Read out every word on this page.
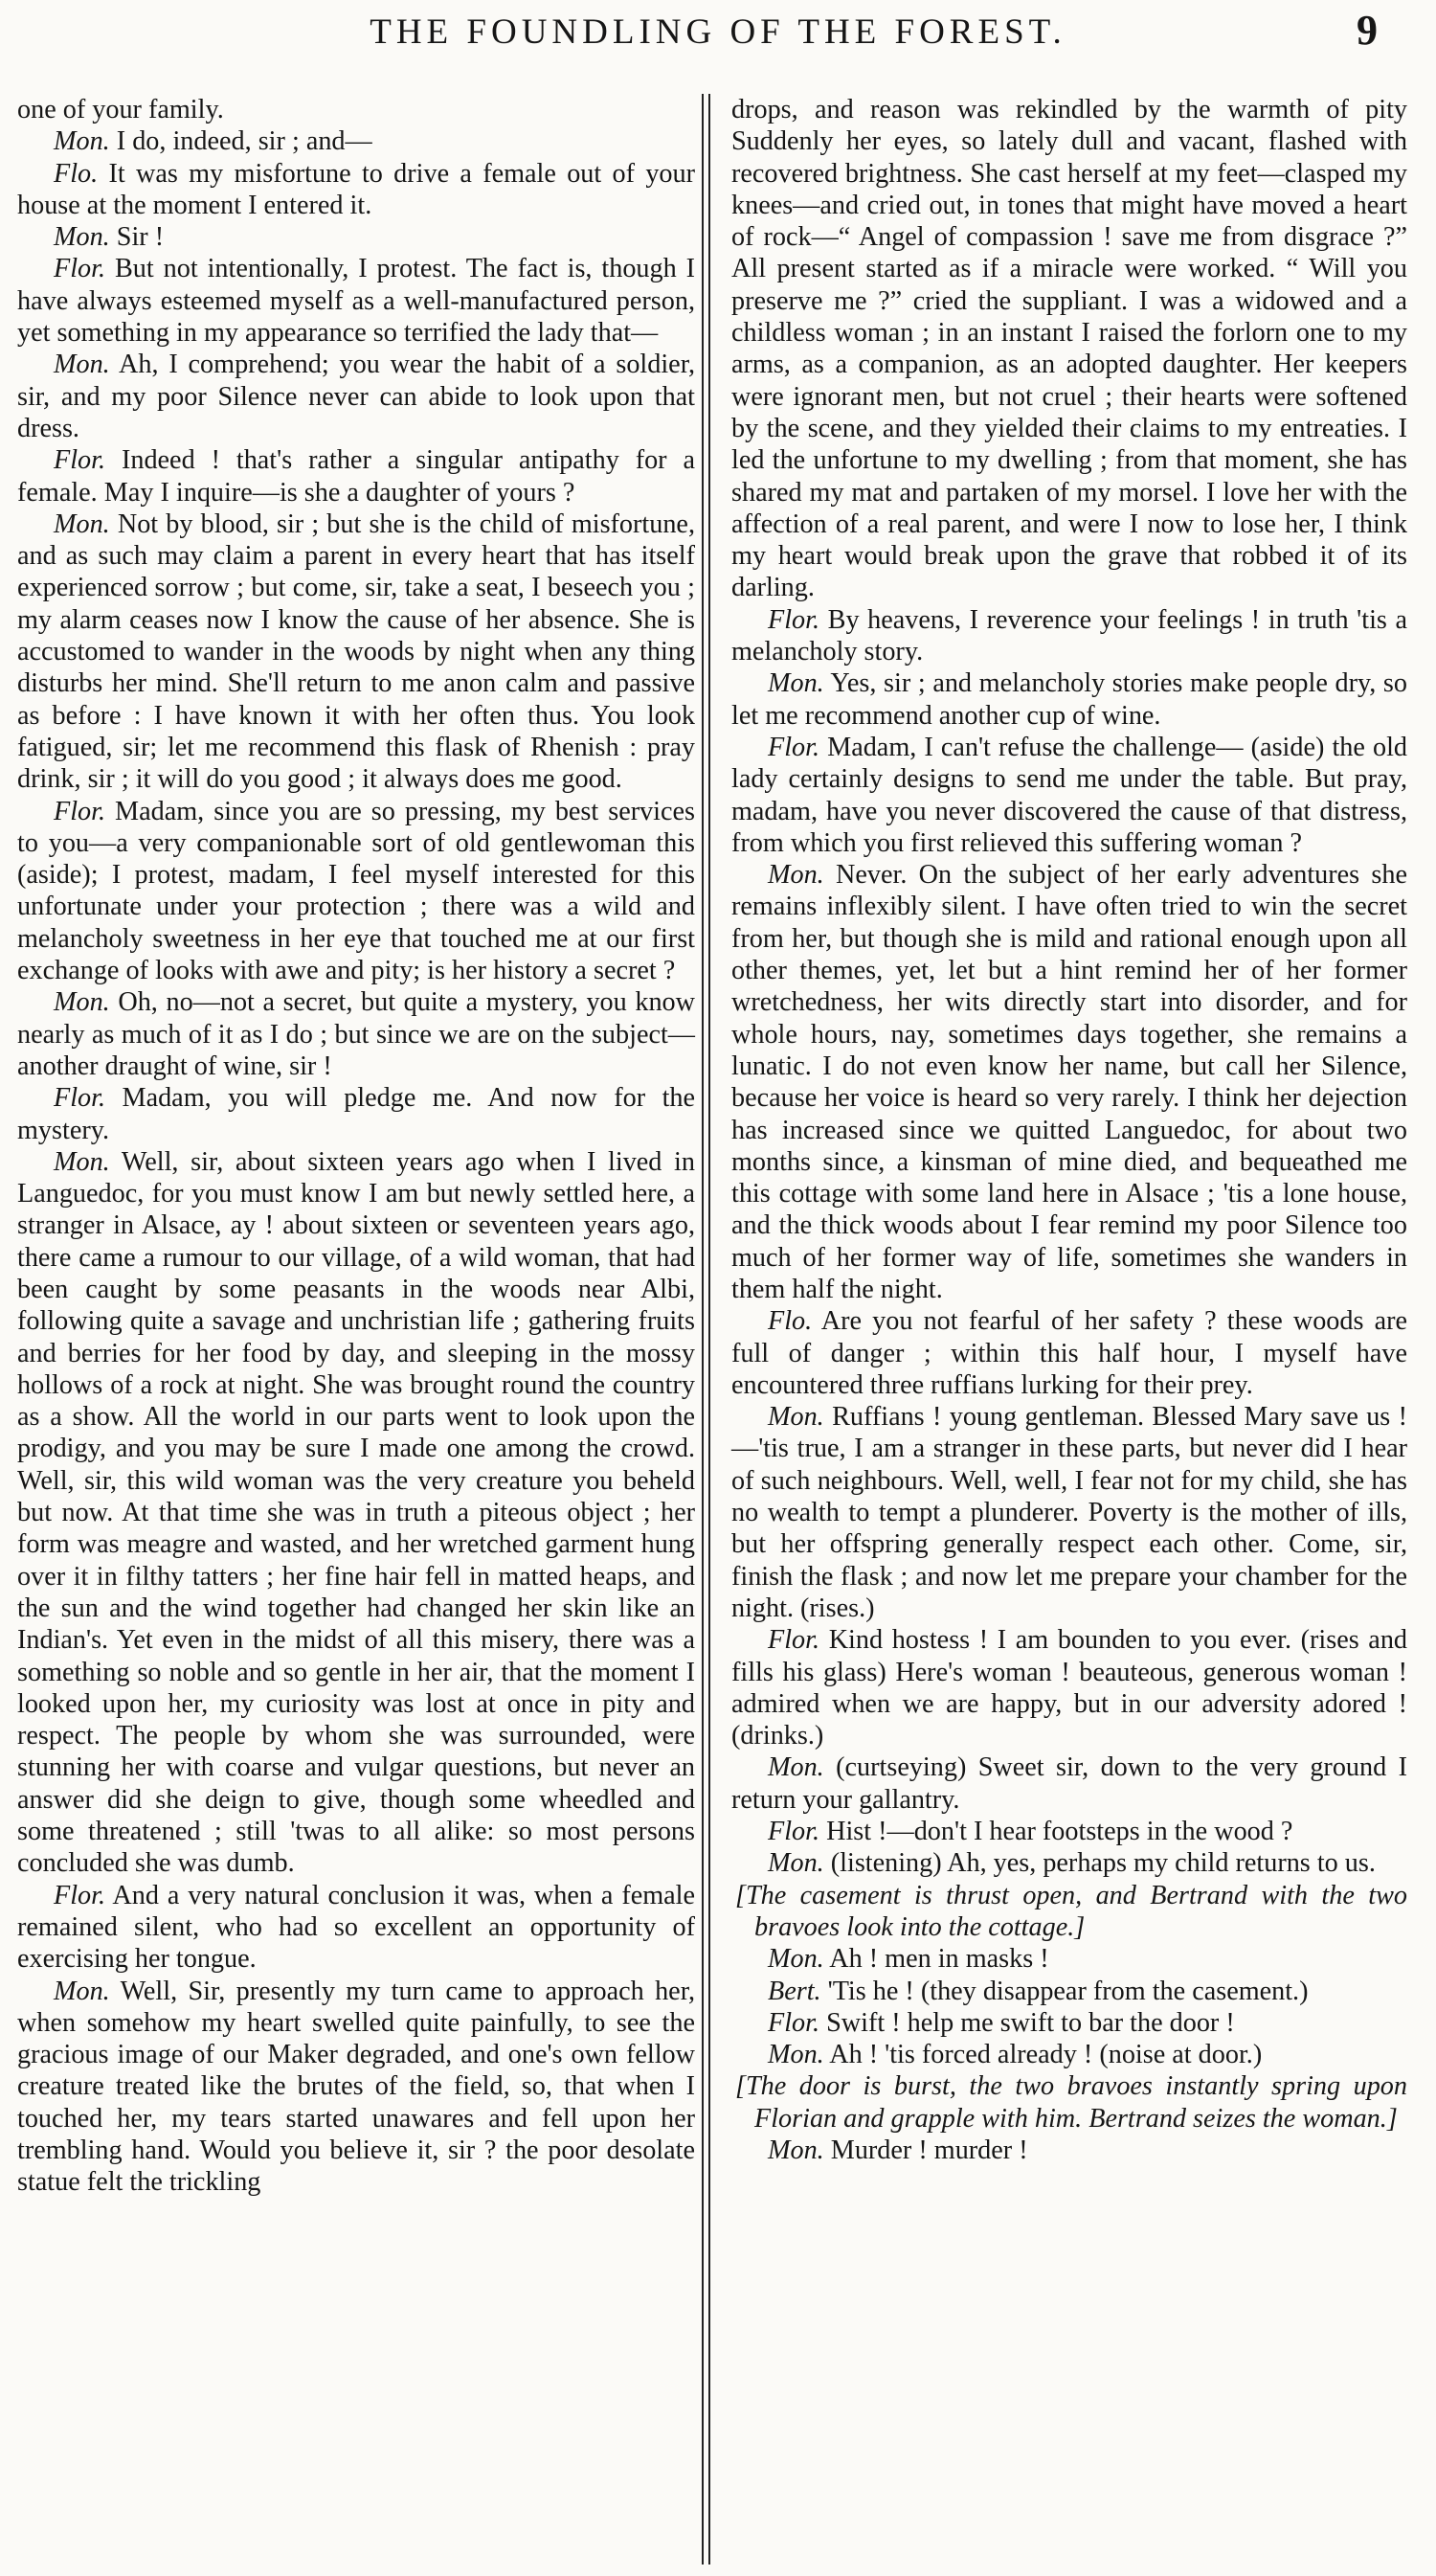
THE FOUNDLING OF THE FOREST.	9

one of your family.

Mon. I do, indeed, sir ; and—

Flo. It was my misfortune to drive a female out of your house at the moment I entered it.

Mon. Sir !

Flor. But not intentionally, I protest. The fact is, though I have always esteemed myself as a well-manufactured person, yet something in my appearance so terrified the lady that—

Mon. Ah, I comprehend; you wear the habit of a soldier, sir, and my poor Silence never can abide to look upon that dress.

Flor. Indeed ! that's rather a singular antipathy for a female. May I inquire—is she a daughter of yours ?

Mon. Not by blood, sir ; but she is the child of misfortune, and as such may claim a parent in every heart that has itself experienced sorrow ; but come, sir, take a seat, I beseech you ; my alarm ceases now I know the cause of her absence. She is accustomed to wander in the woods by night when any thing disturbs her mind. She'll return to me anon calm and passive as before : I have known it with her often thus. You look fatigued, sir; let me recommend this flask of Rhenish : pray drink, sir ; it will do you good ; it always does me good.

Flor. Madam, since you are so pressing, my best services to you—a very companionable sort of old gentlewoman this (aside); I protest, madam, I feel myself interested for this unfortunate under your protection ; there was a wild and melancholy sweetness in her eye that touched me at our first exchange of looks with awe and pity; is her history a secret ?

Mon. Oh, no—not a secret, but quite a mystery, you know nearly as much of it as I do ; but since we are on the subject—another draught of wine, sir !

Flor. Madam, you will pledge me. And now for the mystery.

Mon. Well, sir, about sixteen years ago when I lived in Languedoc, for you must know I am but newly settled here, a stranger in Alsace, ay ! about sixteen or seventeen years ago, there came a rumour to our village, of a wild woman, that had been caught by some peasants in the woods near Albi, following quite a savage and unchristian life ; gathering fruits and berries for her food by day, and sleeping in the mossy hollows of a rock at night. She was brought round the country as a show. All the world in our parts went to look upon the prodigy, and you may be sure I made one among the crowd. Well, sir, this wild woman was the very creature you beheld but now. At that time she was in truth a piteous object ; her form was meagre and wasted, and her wretched garment hung over it in filthy tatters ; her fine hair fell in matted heaps, and the sun and the wind together had changed her skin like an Indian's. Yet even in the midst of all this misery, there was a something so noble and so gentle in her air, that the moment I looked upon her, my curiosity was lost at once in pity and respect. The people by whom she was surrounded, were stunning her with coarse and vulgar questions, but never an answer did she deign to give, though some wheedled and some threatened ; still 'twas to all alike: so most persons concluded she was dumb.

Flor. And a very natural conclusion it was, when a female remained silent, who had so excellent an opportunity of exercising her tongue.

Mon. Well, Sir, presently my turn came to approach her, when somehow my heart swelled quite painfully, to see the gracious image of our Maker degraded, and one's own fellow creature treated like the brutes of the field, so, that when I touched her, my tears started unawares and fell upon her trembling hand. Would you believe it, sir ? the poor desolate statue felt the trickling

drops, and reason was rekindled by the warmth of pity Suddenly her eyes, so lately dull and vacant, flashed with recovered brightness. She cast herself at my feet—clasped my knees—and cried out, in tones that might have moved a heart of rock—“ Angel of compassion ! save me from disgrace ?” All present started as if a miracle were worked. “ Will you preserve me ?” cried the suppliant. I was a widowed and a childless woman ; in an instant I raised the forlorn one to my arms, as a companion, as an adopted daughter. Her keepers were ignorant men, but not cruel ; their hearts were softened by the scene, and they yielded their claims to my entreaties. I led the unfortune to my dwelling ; from that moment, she has shared my mat and partaken of my morsel. I love her with the affection of a real parent, and were I now to lose her, I think my heart would break upon the grave that robbed it of its darling.

Flor. By heavens, I reverence your feelings ! in truth 'tis a melancholy story.

Mon. Yes, sir ; and melancholy stories make people dry, so let me recommend another cup of wine.

Flor. Madam, I can't refuse the challenge— (aside) the old lady certainly designs to send me under the table. But pray, madam, have you never discovered the cause of that distress, from which you first relieved this suffering woman ?

Mon. Never. On the subject of her early adventures she remains inflexibly silent. I have often tried to win the secret from her, but though she is mild and rational enough upon all other themes, yet, let but a hint remind her of her former wretchedness, her wits directly start into disorder, and for whole hours, nay, sometimes days together, she remains a lunatic. I do not even know her name, but call her Silence, because her voice is heard so very rarely. I think her dejection has increased since we quitted Languedoc, for about two months since, a kinsman of mine died, and bequeathed me this cottage with some land here in Alsace ; 'tis a lone house, and the thick woods about I fear remind my poor Silence too much of her former way of life, sometimes she wanders in them half the night.

Flo. Are you not fearful of her safety ? these woods are full of danger ; within this half hour, I myself have encountered three ruffians lurking for their prey.

Mon. Ruffians ! young gentleman. Blessed Mary save us !—'tis true, I am a stranger in these parts, but never did I hear of such neighbours. Well, well, I fear not for my child, she has no wealth to tempt a plunderer. Poverty is the mother of ills, but her offspring generally respect each other. Come, sir, finish the flask ; and now let me prepare your chamber for the night. (rises.)

Flor. Kind hostess ! I am bounden to you ever. (rises and fills his glass) Here's woman ! beauteous, generous woman ! admired when we are happy, but in our adversity adored ! (drinks.)

Mon. (curtseying) Sweet sir, down to the very ground I return your gallantry.

Flor. Hist !—don't I hear footsteps in the wood ?

Mon. (listening) Ah, yes, perhaps my child returns to us.

[The casement is thrust open, and Bertrand with the two bravoes look into the cottage.]

Mon. Ah ! men in masks !

Bert. 'Tis he ! (they disappear from the casement.)

Flor. Swift ! help me swift to bar the door !

Mon. Ah ! 'tis forced already ! (noise at door.)

[The door is burst, the two bravoes instantly spring upon Florian and grapple with him. Bertrand seizes the woman.]

Mon. Murder ! murder !
